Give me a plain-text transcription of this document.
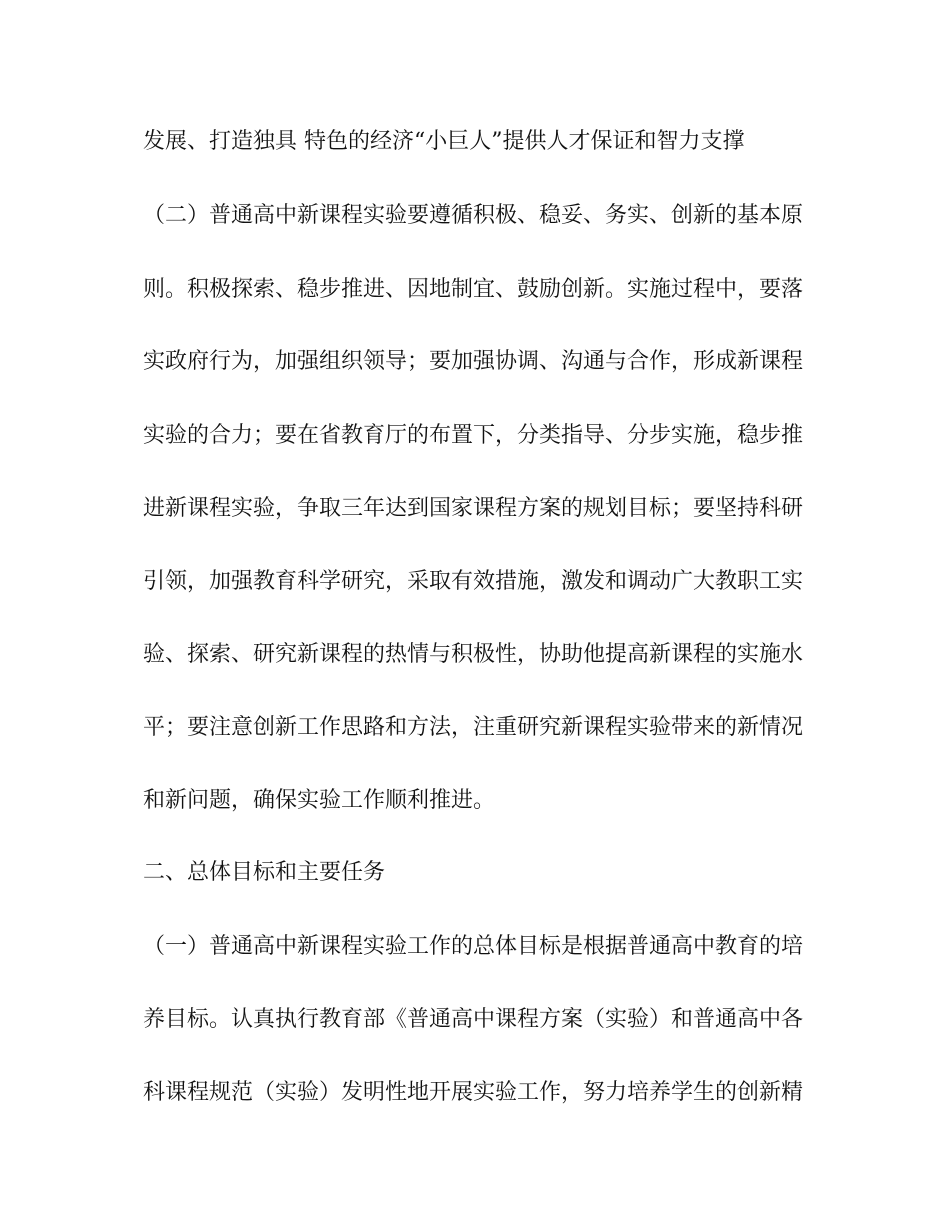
发展、打造独具 特色的经济“小巨人”提供人才保证和智力支撑

（二）普通高中新课程实验要遵循积极、稳妥、务实、创新的基本原

则。积极探索、稳步推进、因地制宜、鼓励创新。实施过程中，要落

实政府行为，加强组织领导；要加强协调、沟通与合作，形成新课程

实验的合力；要在省教育厅的布置下，分类指导、分步实施，稳步推

进新课程实验，争取三年达到国家课程方案的规划目标；要坚持科研

引领，加强教育科学研究，采取有效措施，激发和调动广大教职工实

验、探索、研究新课程的热情与积极性，协助他提高新课程的实施水

平；要注意创新工作思路和方法，注重研究新课程实验带来的新情况

和新问题，确保实验工作顺利推进。

二、总体目标和主要任务

（一）普通高中新课程实验工作的总体目标是根据普通高中教育的培

养目标。认真执行教育部《普通高中课程方案（实验）和普通高中各

科课程规范（实验）发明性地开展实验工作，努力培养学生的创新精
